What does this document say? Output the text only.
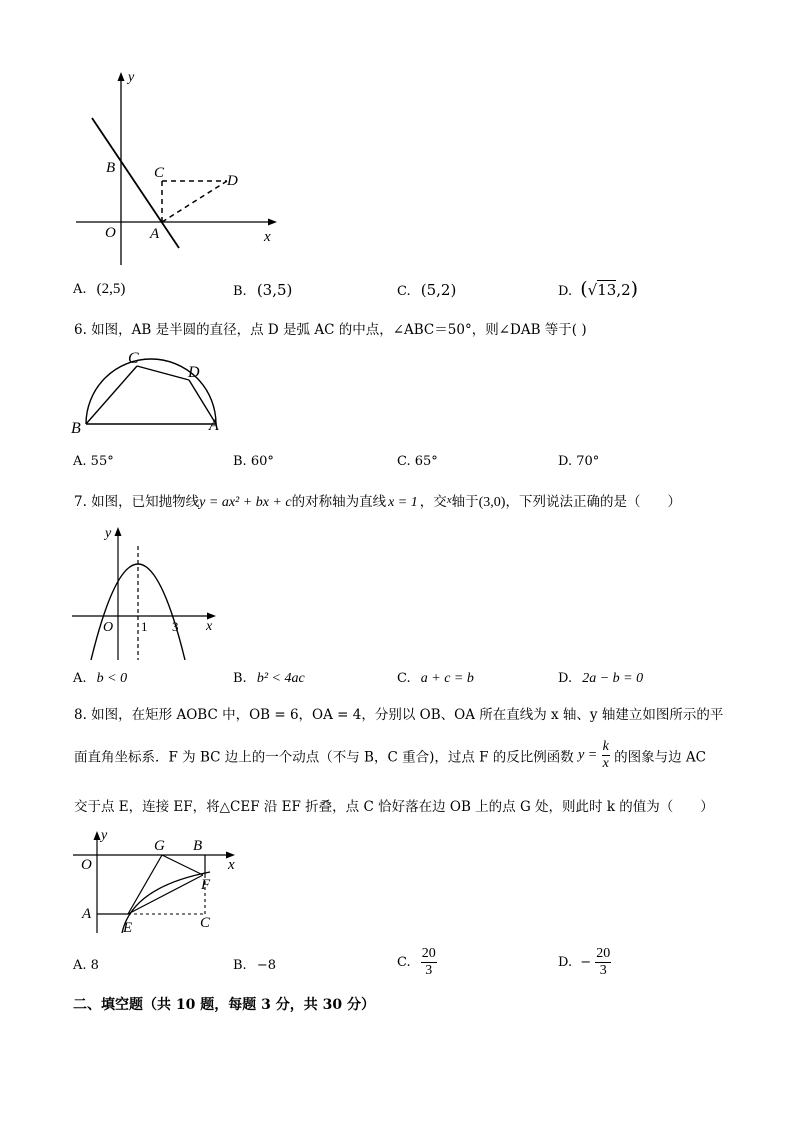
y
x
O A
B	C	D
A. (2,5)	B. (3,5)	C. (5,2)	D. (√13,2)
6. 如图，AB 是半圆的直径，点 D 是弧 AC 的中点，∠ABC＝50°，则∠DAB 等于( )
B
C
D
A
A. 55°	B. 60°	C. 65°	D. 70°
7. 如图，已知抛物线y = ax² + bx + c的对称轴为直线 x = 1 ，交$^x$轴于(3,0)，下列说法正确的是（　　）
y
x
O 1 3
A. b < 0	B. b² < 4ac	C. a + c = b	D. 2a − b = 0
8. 如图，在矩形 AOBC 中，OB = 6，OA = 4，分别以 OB、OA 所在直线为 x 轴、y 轴建立如图所示的平
面直角坐标系．F 为 BC 边上的一个动点（不与 B，C 重合)，过点 F 的反比例函数 $y = \frac{k}{x}$ 的图象与边 AC
交于点 E，连接 EF，将△CEF 沿 EF 折叠，点 C 恰好落在边 OB 上的点 G 处，则此时 k 的值为（　　）
y
x
O
G B
F
A
E	C
A. 8	B. −8	C. $\frac{20}{3}$	D. − $\frac{20}{3}$
二、填空题（共 10 题，每题 3 分，共 30 分）
